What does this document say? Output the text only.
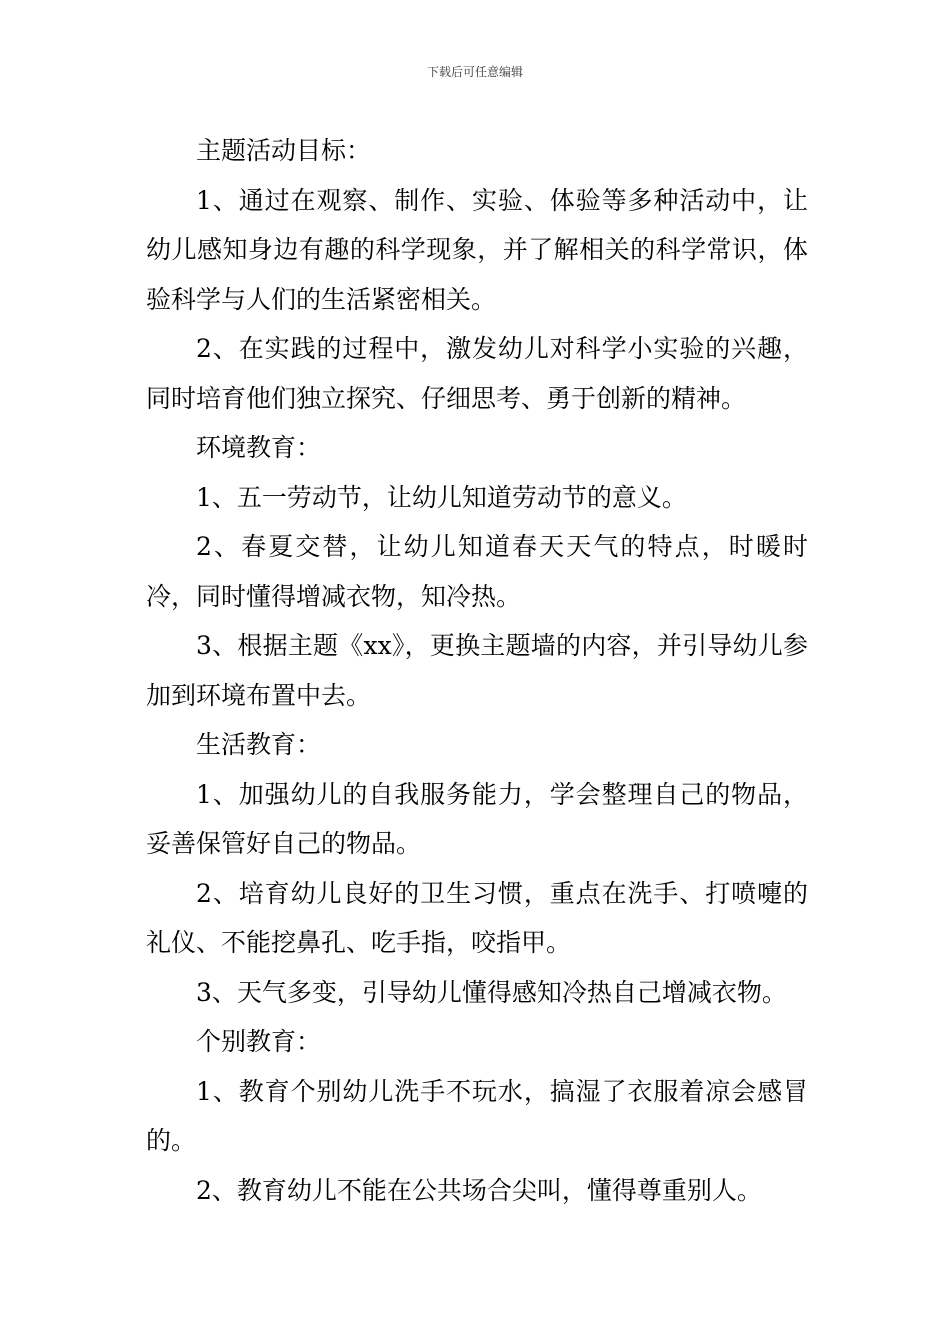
下载后可任意编辑

主题活动目标：

1、通过在观察、制作、实验、体验等多种活动中，让幼儿感知身边有趣的科学现象，并了解相关的科学常识，体验科学与人们的生活紧密相关。

2、在实践的过程中，激发幼儿对科学小实验的兴趣，同时培育他们独立探究、仔细思考、勇于创新的精神。

环境教育：

1、五一劳动节，让幼儿知道劳动节的意义。

2、春夏交替，让幼儿知道春天天气的特点，时暖时冷，同时懂得增减衣物，知冷热。

3、根据主题《xx》，更换主题墙的内容，并引导幼儿参加到环境布置中去。

生活教育：

1、加强幼儿的自我服务能力，学会整理自己的物品，妥善保管好自己的物品。

2、培育幼儿良好的卫生习惯，重点在洗手、打喷嚏的礼仪、不能挖鼻孔、吃手指，咬指甲。

3、天气多变，引导幼儿懂得感知冷热自己增减衣物。

个别教育：

1、教育个别幼儿洗手不玩水，搞湿了衣服着凉会感冒的。

2、教育幼儿不能在公共场合尖叫，懂得尊重别人。
